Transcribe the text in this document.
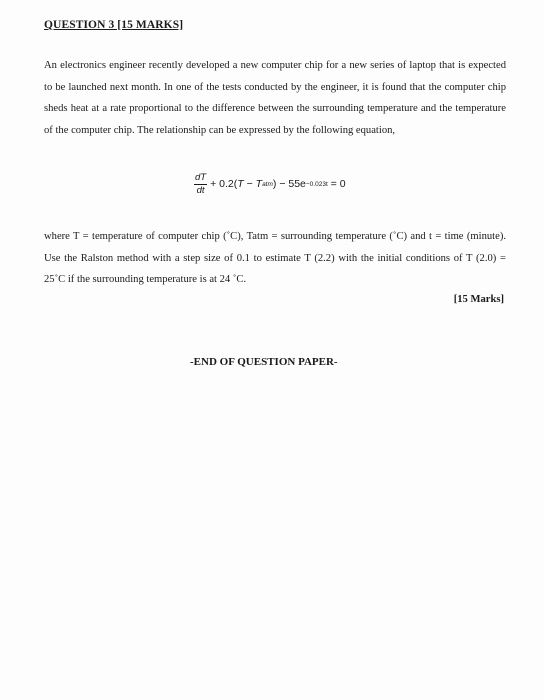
QUESTION 3 [15 MARKS]
An electronics engineer recently developed a new computer chip for a new series of laptop that is expected to be launched next month. In one of the tests conducted by the engineer, it is found that the computer chip sheds heat at a rate proportional to the difference between the surrounding temperature and the temperature of the computer chip. The relationship can be expressed by the following equation,
$\frac{dT}{dt} + 0.2$( T − T atm ) − 55e −0.023t = 0
where T = temperature of computer chip (˚C), Tatm = surrounding temperature (˚C) and t = time (minute). Use the Ralston method with a step size of 0.1 to estimate T (2.2) with the initial conditions of T (2.0) = 25˚C if the surrounding temperature is at 24 ˚C.
[15 Marks]
-END OF QUESTION PAPER-
